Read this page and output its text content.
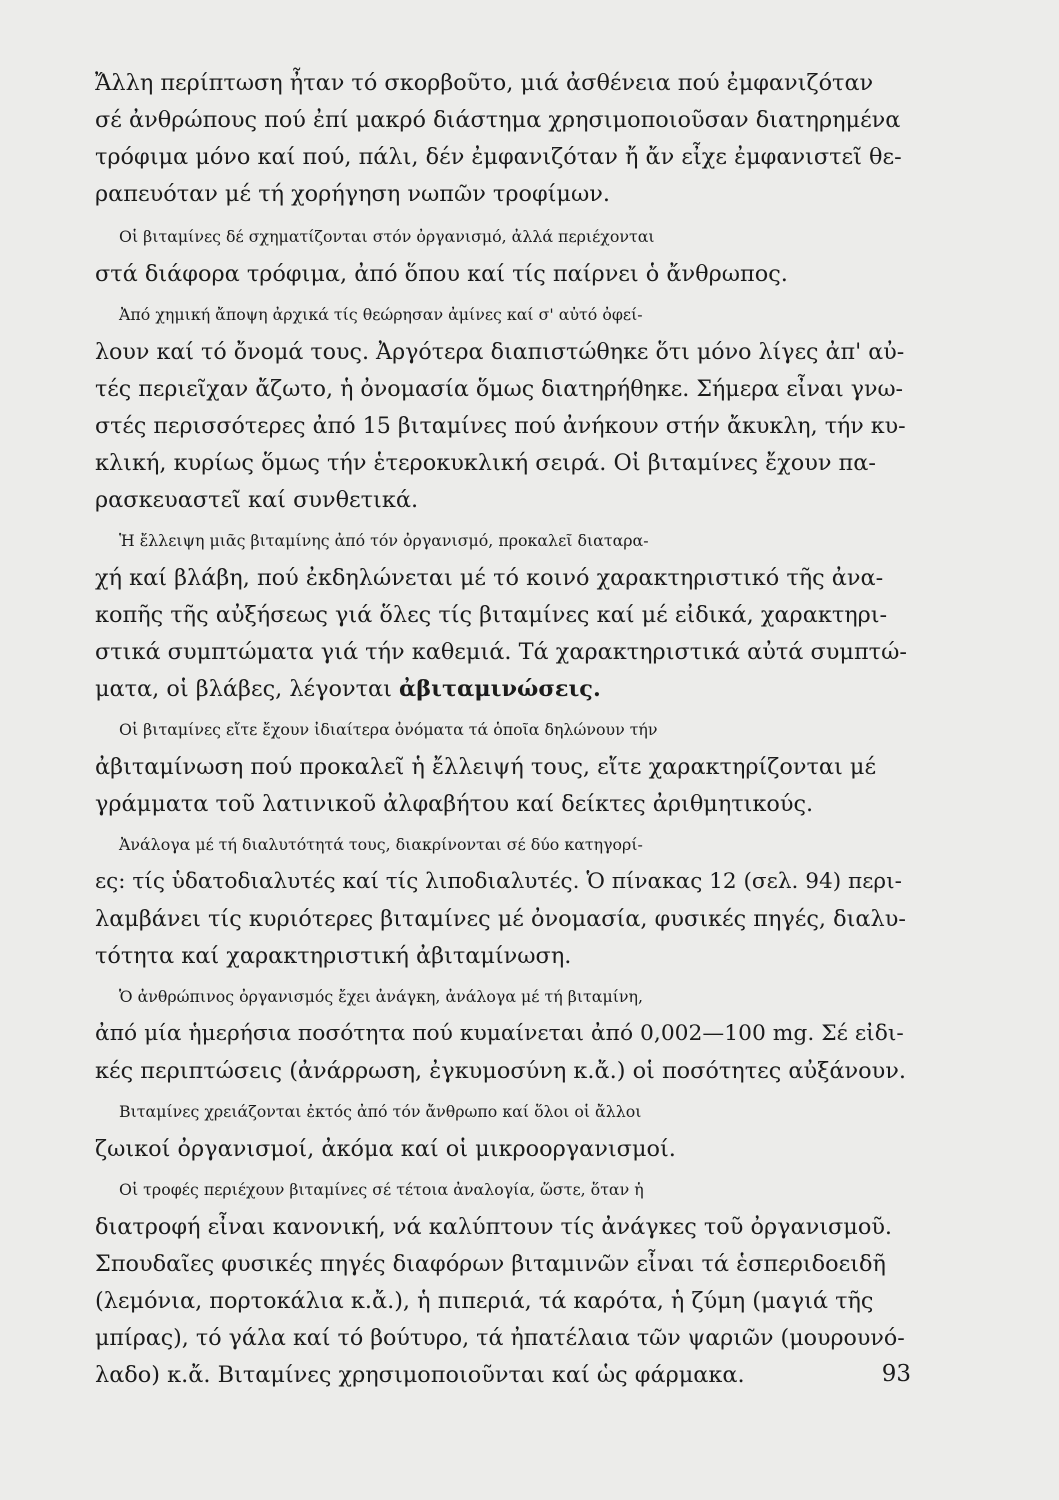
Ἄλλη περίπτωση ἦταν τό σκορβοῦτο, μιά ἀσθένεια πού ἐμφανιζόταν
σέ ἀνθρώπους πού ἐπί μακρό διάστημα χρησιμοποιοῦσαν διατηρημένα
τρόφιμα μόνο καί πού, πάλι, δέν ἐμφανιζόταν ἤ ἄν εἶχε ἐμφανιστεῖ θε-
ραπευόταν μέ τή χορήγηση νωπῶν τροφίμων.
Οἱ βιταμίνες δέ σχηματίζονται στόν ὀργανισμό, ἀλλά περιέχονται
στά διάφορα τρόφιμα, ἀπό ὅπου καί τίς παίρνει ὁ ἄνθρωπος.
Ἀπό χημική ἄποψη ἀρχικά τίς θεώρησαν ἀμίνες καί σ' αὐτό ὀφεί-
λουν καί τό ὄνομά τους. Ἀργότερα διαπιστώθηκε ὅτι μόνο λίγες ἀπ' αὐ-
τές περιεῖχαν ἄζωτο, ἡ ὀνομασία ὅμως διατηρήθηκε. Σήμερα εἶναι γνω-
στές περισσότερες ἀπό 15 βιταμίνες πού ἀνήκουν στήν ἄκυκλη, τήν κυ-
κλική, κυρίως ὅμως τήν ἑτεροκυκλική σειρά. Οἱ βιταμίνες ἔχουν πα-
ρασκευαστεῖ καί συνθετικά.
Ἡ ἔλλειψη μιᾶς βιταμίνης ἀπό τόν ὀργανισμό, προκαλεῖ διαταρα-
χή καί βλάβη, πού ἐκδηλώνεται μέ τό κοινό χαρακτηριστικό τῆς ἀνα-
κοπῆς τῆς αὐξήσεως γιά ὅλες τίς βιταμίνες καί μέ εἰδικά, χαρακτηρι-
στικά συμπτώματα γιά τήν καθεμιά. Τά χαρακτηριστικά αὐτά συμπτώ-
ματα, οἱ βλάβες, λέγονται ἀβιταμινώσεις.
Οἱ βιταμίνες εἴτε ἔχουν ἰδιαίτερα ὀνόματα τά ὁποῖα δηλώνουν τήν
ἀβιταμίνωση πού προκαλεῖ ἡ ἔλλειψή τους, εἴτε χαρακτηρίζονται μέ
γράμματα τοῦ λατινικοῦ ἀλφαβήτου καί δείκτες ἀριθμητικούς.
Ἀνάλογα μέ τή διαλυτότητά τους, διακρίνονται σέ δύο κατηγορί-
ες: τίς ὑδατοδιαλυτές καί τίς λιποδιαλυτές. Ὁ πίνακας 12 (σελ. 94) περι-
λαμβάνει τίς κυριότερες βιταμίνες μέ ὀνομασία, φυσικές πηγές, διαλυ-
τότητα καί χαρακτηριστική ἀβιταμίνωση.
Ὁ ἀνθρώπινος ὀργανισμός ἔχει ἀνάγκη, ἀνάλογα μέ τή βιταμίνη,
ἀπό μία ἡμερήσια ποσότητα πού κυμαίνεται ἀπό 0,002—100 mg. Σέ εἰδι-
κές περιπτώσεις (ἀνάρρωση, ἐγκυμοσύνη κ.ἄ.) οἱ ποσότητες αὐξάνουν.
Βιταμίνες χρειάζονται ἐκτός ἀπό τόν ἄνθρωπο καί ὅλοι οἱ ἄλλοι
ζωικοί ὀργανισμοί, ἀκόμα καί οἱ μικροοργανισμοί.
Οἱ τροφές περιέχουν βιταμίνες σέ τέτοια ἀναλογία, ὥστε, ὅταν ἡ
διατροφή εἶναι κανονική, νά καλύπτουν τίς ἀνάγκες τοῦ ὀργανισμοῦ.
Σπουδαῖες φυσικές πηγές διαφόρων βιταμινῶν εἶναι τά ἑσπεριδοειδῆ
(λεμόνια, πορτοκάλια κ.ἄ.), ἡ πιπεριά, τά καρότα, ἡ ζύμη (μαγιά τῆς
μπίρας), τό γάλα καί τό βούτυρο, τά ἠπατέλαια τῶν ψαριῶν (μουρουνό-
λαδο) κ.ἄ. Βιταμίνες χρησιμοποιοῦνται καί ὡς φάρμακα.	93
